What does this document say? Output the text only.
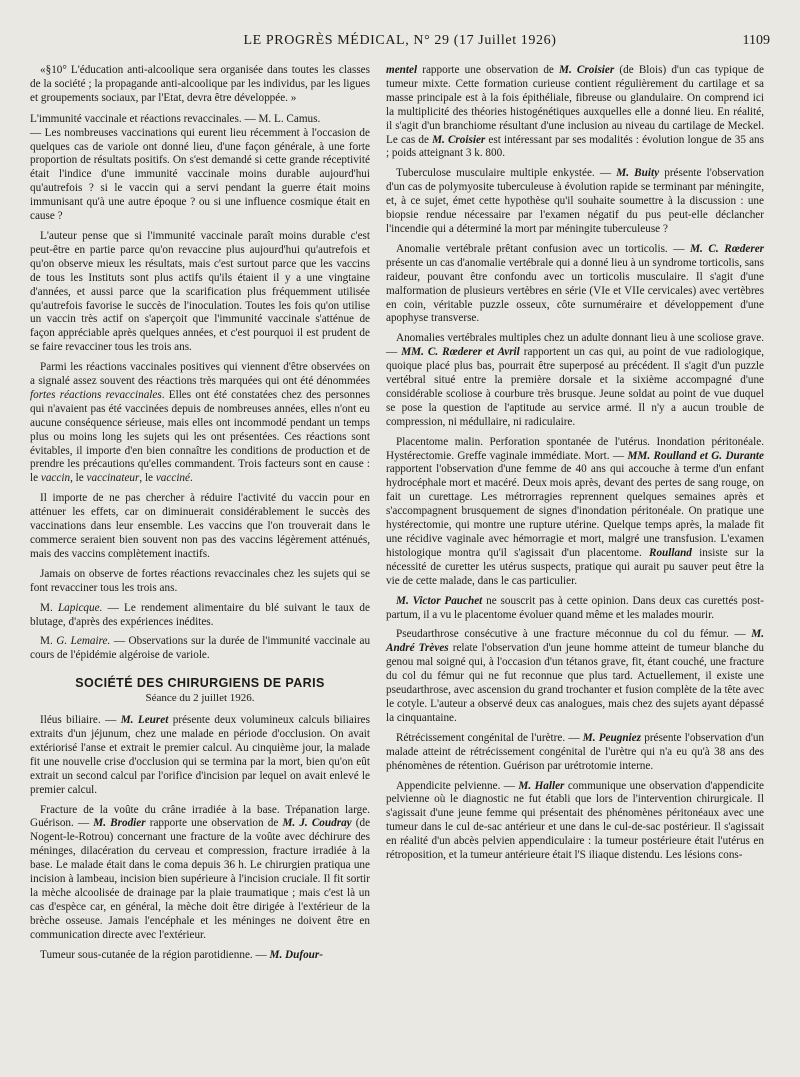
LE PROGRÈS MÉDICAL, N° 29 (17 Juillet 1926)	1109

«§10° L'éducation anti-alcoolique sera organisée dans toutes les classes de la société ; la propagande anti-alcoolique par les individus, par les ligues et groupements sociaux, par l'Etat, devra être développée. »

L'immunité vaccinale et réactions revaccinales. — M. L. Camus.
— Les nombreuses vaccinations qui eurent lieu récemment à l'occasion de quelques cas de variole ont donné lieu, d'une façon générale, à une forte proportion de résultats positifs. On s'est demandé si cette grande réceptivité était l'indice d'une immunité vaccinale moins durable aujourd'hui qu'autrefois ? si le vaccin qui a servi pendant la guerre était moins immunisant qu'à une autre époque ? ou si une influence cosmique était en cause ?

L'auteur pense que si l'immunité vaccinale paraît moins durable c'est peut-être en partie parce qu'on revaccine plus aujourd'hui qu'autrefois et qu'on observe mieux les résultats, mais c'est surtout parce que les vaccins de tous les Instituts sont plus actifs qu'ils étaient il y a une vingtaine d'années, et aussi parce que la scarification plus fréquemment utilisée qu'autrefois favorise le succès de l'inoculation. Toutes les fois qu'on utilise un vaccin très actif on s'aperçoit que l'immunité vaccinale s'atténue de façon appréciable après quelques années, et c'est pourquoi il est prudent de se faire revacciner tous les trois ans.

Parmi les réactions vaccinales positives qui viennent d'être observées on a signalé assez souvent des réactions très marquées qui ont été dénommées fortes réactions revaccinales. Elles ont été constatées chez des personnes qui n'avaient pas été vaccinées depuis de nombreuses années, elles n'ont eu aucune conséquence sérieuse, mais elles ont incommodé pendant un temps plus ou moins long les sujets qui les ont présentées. Ces réactions sont évitables, il importe d'en bien connaître les conditions de production et de prendre les précautions qu'elles commandent. Trois facteurs sont en cause : le vaccin, le vaccinateur, le vacciné.

Il importe de ne pas chercher à réduire l'activité du vaccin pour en atténuer les effets, car on diminuerait considérablement le succès des vaccinations dans leur ensemble. Les vaccins que l'on trouverait dans le commerce seraient bien souvent non pas des vaccins légèrement atténués, mais des vaccins complètement inactifs.

Jamais on observe de fortes réactions revaccinales chez les sujets qui se font revacciner tous les trois ans.

M. Lapicque. — Le rendement alimentaire du blé suivant le taux de blutage, d'après des expériences inédites.

M. G. Lemaire. — Observations sur la durée de l'immunité vaccinale au cours de l'épidémie algéroise de variole.

SOCIÉTÉ DES CHIRURGIENS DE PARIS
Séance du 2 juillet 1926.

Iléus biliaire. — M. Leuret présente deux volumineux calculs biliaires extraits d'un jéjunum, chez une malade en période d'occlusion. On avait extériorisé l'anse et extrait le premier calcul. Au cinquième jour, la malade fit une nouvelle crise d'occlusion qui se termina par la mort, bien qu'on eût extrait un second calcul par l'orifice d'incision par lequel on avait enlevé le premier calcul.

Fracture de la voûte du crâne irradiée à la base. Trépanation large. Guérison. — M. Brodier rapporte une observation de M. J. Coudray (de Nogent-le-Rotrou) concernant une fracture de la voûte avec déchirure des méninges, dilacération du cerveau et compression, fracture irradiée à la base. Le malade était dans le coma depuis 36 h. Le chirurgien pratiqua une incision à lambeau, incision bien supérieure à l'incision cruciale. Il fit sortir la mèche alcoolisée de drainage par la plaie traumatique ; mais c'est là un cas d'espèce car, en général, la mèche doit être dirigée à l'extérieur de la brèche osseuse. Jamais l'encéphale et les méninges ne doivent être en communication directe avec l'extérieur.

Tumeur sous-cutanée de la région parotidienne. — M. Dufour-

mentel rapporte une observation de M. Croisier (de Blois) d'un cas typique de tumeur mixte. Cette formation curieuse contient régulièrement du cartilage et sa masse principale est à la fois épithéliale, fibreuse ou glandulaire. On comprend ici la multiplicité des théories histogénétiques auxquelles elle a donné lieu. En réalité, il s'agit d'un branchiome résultant d'une inclusion au niveau du cartilage de Meckel. Le cas de M. Croisier est intéressant par ses modalités : évolution longue de 35 ans ; poids atteignant 3 k. 800.

Tuberculose musculaire multiple enkystée. — M. Buity présente l'observation d'un cas de polymyosite tuberculeuse à évolution rapide se terminant par méningite, et, à ce sujet, émet cette hypothèse qu'il souhaite soumettre à la discussion : une biopsie rendue nécessaire par l'examen négatif du pus peut-elle déclancher l'incendie qui a déterminé la mort par méningite tuberculeuse ?

Anomalie vertébrale prêtant confusion avec un torticolis. — M. C. Rœderer présente un cas d'anomalie vertébrale qui a donné lieu à un syndrome torticolis, sans raideur, pouvant être confondu avec un torticolis musculaire. Il s'agit d'une malformation de plusieurs vertèbres en série (VIe et VIIe cervicales) avec vertèbres en coin, véritable puzzle osseux, côte surnuméraire et développement d'une apophyse transverse.

Anomalies vertébrales multiples chez un adulte donnant lieu à une scoliose grave. — MM. C. Rœderer et Avril rapportent un cas qui, au point de vue radiologique, quoique placé plus bas, pourrait être superposé au précédent. Il s'agit d'un puzzle vertébral situé entre la première dorsale et la sixième accompagné d'une considérable scoliose à courbure très brusque. Jeune soldat au point de vue duquel se pose la question de l'aptitude au service armé. Il n'y a aucun trouble de compression, ni médullaire, ni radiculaire.

Placentome malin. Perforation spontanée de l'utérus. Inondation péritonéale. Hystérectomie. Greffe vaginale immédiate. Mort. — MM. Roulland et G. Durante rapportent l'observation d'une femme de 40 ans qui accouche à terme d'un enfant hydrocéphale mort et macéré. Deux mois après, devant des pertes de sang rouge, on fait un curettage. Les métrorragies reprennent quelques semaines après et s'accompagnent brusquement de signes d'inondation péritonéale. On pratique une hystérectomie, qui montre une rupture utérine. Quelque temps après, la malade fit une récidive vaginale avec hémorragie et mort, malgré une transfusion. L'examen histologique montra qu'il s'agissait d'un placentome. Roulland insiste sur la nécessité de curetter les utérus suspects, pratique qui aurait pu sauver peut être la vie de cette malade, dans le cas particulier.

M. Victor Pauchet ne souscrit pas à cette opinion. Dans deux cas curettés post-partum, il a vu le placentome évoluer quand même et les malades mourir.

Pseudarthrose consécutive à une fracture méconnue du col du fémur. — M. André Trèves relate l'observation d'un jeune homme atteint de tumeur blanche du genou mal soigné qui, à l'occasion d'un tétanos grave, fit, étant couché, une fracture du col du fémur qui ne fut reconnue que plus tard. Actuellement, il existe une pseudarthrose, avec ascension du grand trochanter et fusion complète de la tête avec le cotyle. L'auteur a observé deux cas analogues, mais chez des sujets ayant dépassé la cinquantaine.

Rétrécissement congénital de l'urètre. — M. Peugniez présente l'observation d'un malade atteint de rétrécissement congénital de l'urètre qui n'a eu qu'à 38 ans des phénomènes de rétention. Guérison par urétrotomie interne.

Appendicite pelvienne. — M. Haller communique une observation d'appendicite pelvienne où le diagnostic ne fut établi que lors de l'intervention chirurgicale. Il s'agissait d'une jeune femme qui présentait des phénomènes péritonéaux avec une tumeur dans le cul de-sac antérieur et une dans le cul-de-sac postérieur. Il s'agissait en réalité d'un abcès pelvien appendiculaire : la tumeur postérieure était l'utérus en rétroposition, et la tumeur antérieure était l'S iliaque distendu. Les lésions cons-
